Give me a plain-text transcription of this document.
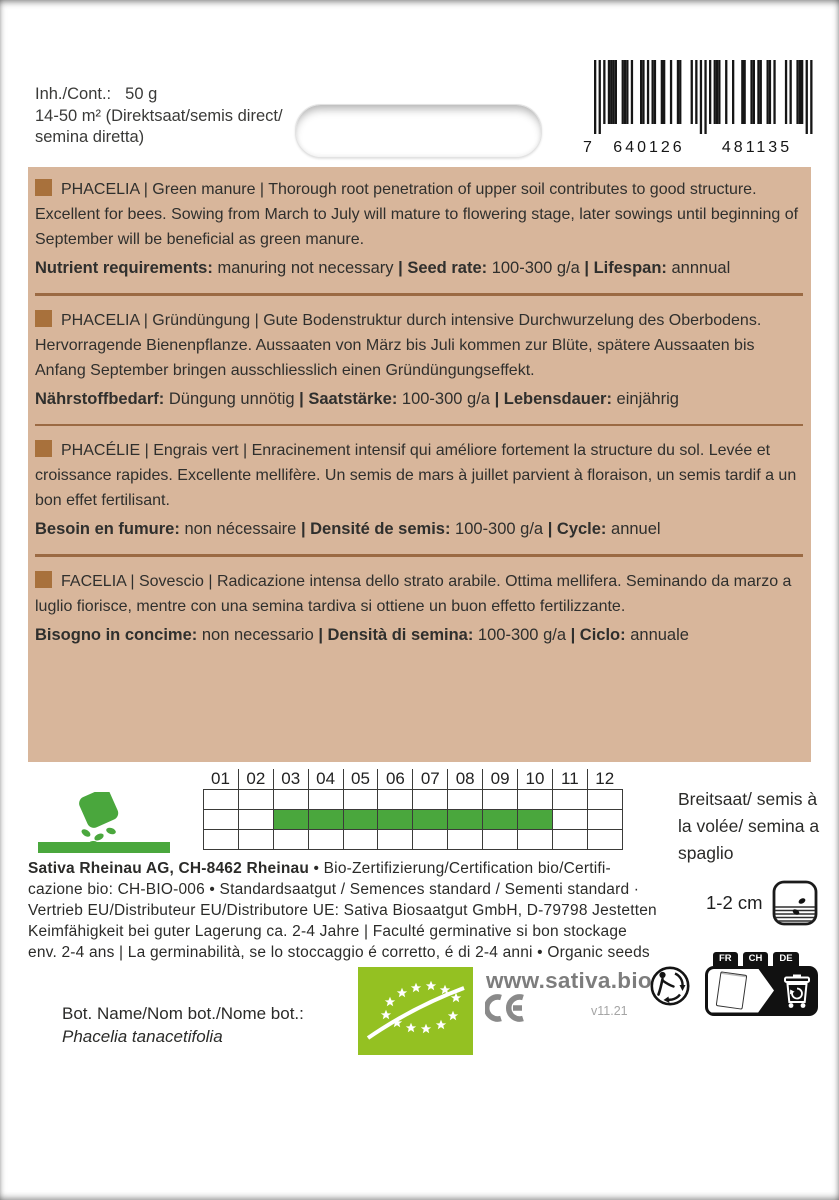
Inh./Cont.: 50 g
14-50 m² (Direktsaat/semis direct/
semina diretta)
7 640126 481135

PHACELIA | Green manure | Thorough root penetration of upper soil contributes to good structure. Excellent for bees. Sowing from March to July will mature to flowering stage, later sowings until beginning of September will be beneficial as green manure.

Nutrient requirements: manuring not necessary | Seed rate: 100-300 g/a | Lifespan: annnual

PHACELIA | Gründüngung | Gute Bodenstruktur durch intensive Durchwurzelung des Oberbodens. Hervorragende Bienenpflanze. Aussaaten von März bis Juli kommen zur Blüte, spätere Aussaaten bis Anfang September bringen ausschliesslich einen Gründüngungseffekt.

Nährstoffbedarf: Düngung unnötig | Saatstärke: 100-300 g/a | Lebensdauer: einjährig

PHACÉLIE | Engrais vert | Enracinement intensif qui améliore fortement la structure du sol. Levée et croissance rapides. Excellente mellifère. Un semis de mars à juillet parvient à floraison, un semis tardif a un bon effet fertilisant.

Besoin en fumure: non nécessaire | Densité de semis: 100-300 g/a | Cycle: annuel

FACELIA | Sovescio | Radicazione intensa dello strato arabile. Ottima mellifera. Seminando da marzo a luglio fiorisce, mentre con una semina tardiva si ottiene un buon effetto fertilizzante.

Bisogno in concime: non necessario | Densità di semina: 100-300 g/a | Ciclo: annuale

01 02 03 04 05 06 07 08 09 10 11 12
Breitsaat/ semis à
la volée/ semina a
spaglio
1-2 cm
Sativa Rheinau AG, CH-8462 Rheinau • Bio-Zertifizierung/Certification bio/Certifi-
cazione bio: CH-BIO-006 • Standardsaatgut / Semences standard / Sementi standard ·
Vertrieb EU/Distributeur EU/Distributore UE: Sativa Biosaatgut GmbH, D-79798 Jestetten
Keimfähigkeit bei guter Lagerung ca. 2-4 Jahre | Faculté germinative si bon stockage
env. 2-4 ans | La germinabilità, se lo stoccaggio é corretto, é di 2-4 anni • Organic seeds
Bot. Name/Nom bot./Nome bot.:
Phacelia tanacetifolia
www.sativa.bio
v11.21
FR	CH	DE
